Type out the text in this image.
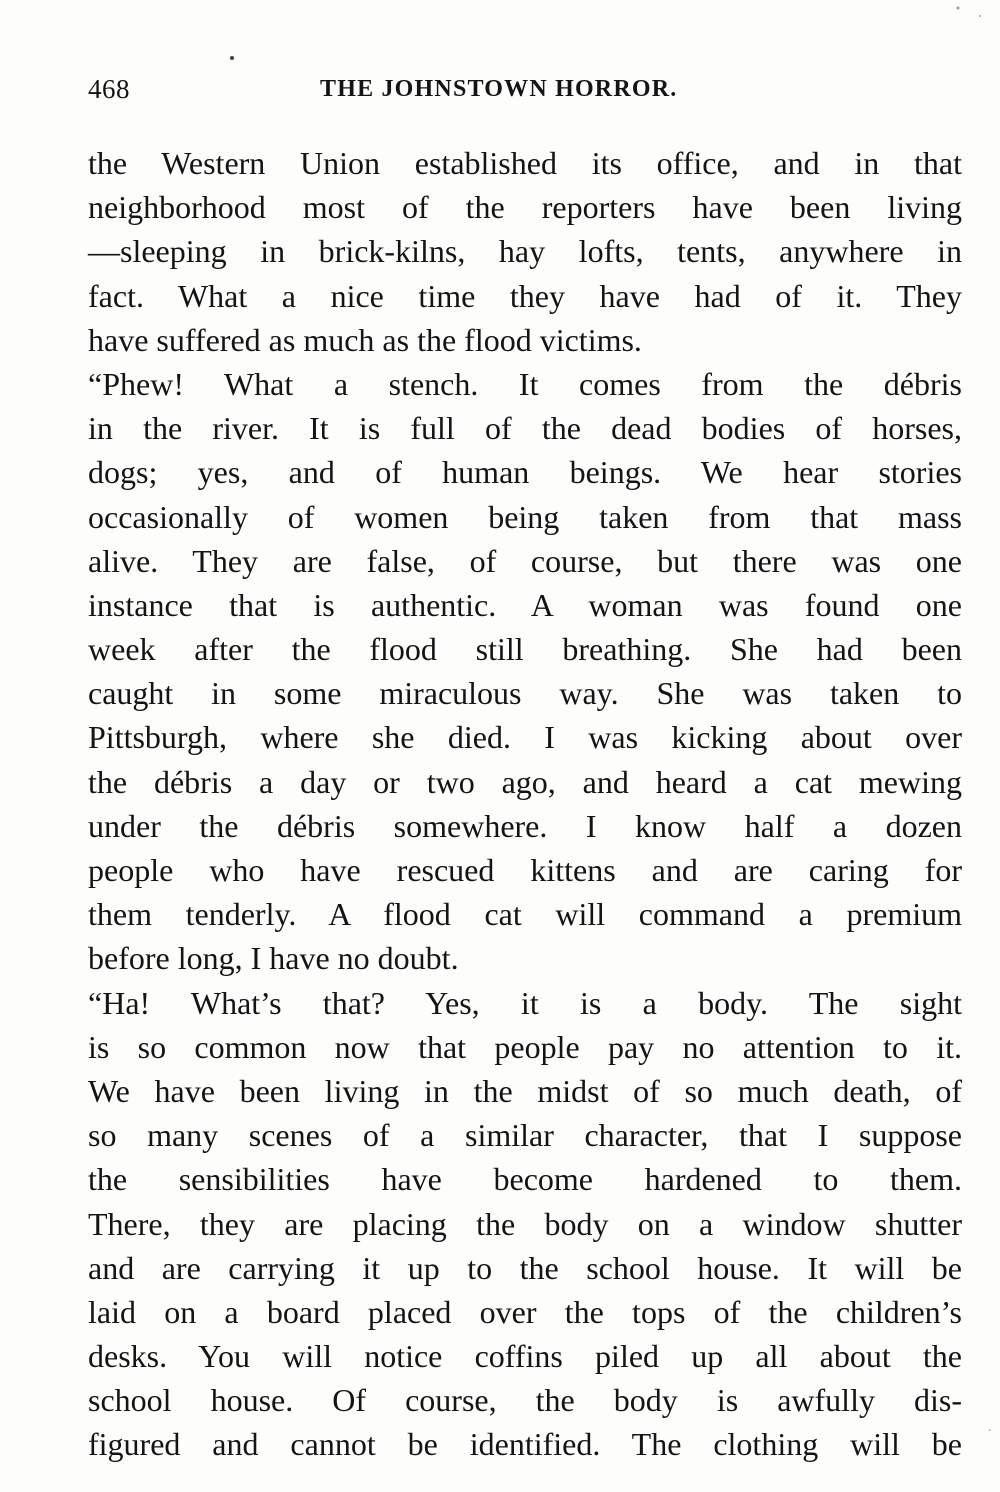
468	THE JOHNSTOWN HORROR.
the Western Union established its office, and in that
neighborhood most of the reporters have been living
—sleeping in brick-kilns, hay lofts, tents, anywhere in
fact. What a nice time they have had of it. They
have suffered as much as the flood victims.
“Phew! What a stench. It comes from the débris
in the river. It is full of the dead bodies of horses,
dogs; yes, and of human beings. We hear stories
occasionally of women being taken from that mass
alive. They are false, of course, but there was one
instance that is authentic. A woman was found one
week after the flood still breathing. She had been
caught in some miraculous way. She was taken to
Pittsburgh, where she died. I was kicking about over
the débris a day or two ago, and heard a cat mewing
under the débris somewhere. I know half a dozen
people who have rescued kittens and are caring for
them tenderly. A flood cat will command a premium
before long, I have no doubt.
“Ha! What’s that? Yes, it is a body. The sight
is so common now that people pay no attention to it.
We have been living in the midst of so much death, of
so many scenes of a similar character, that I suppose
the sensibilities have become hardened to them.
There, they are placing the body on a window shutter
and are carrying it up to the school house. It will be
laid on a board placed over the tops of the children’s
desks. You will notice coffins piled up all about the
school house. Of course, the body is awfully dis-
figured and cannot be identified. The clothing will be
